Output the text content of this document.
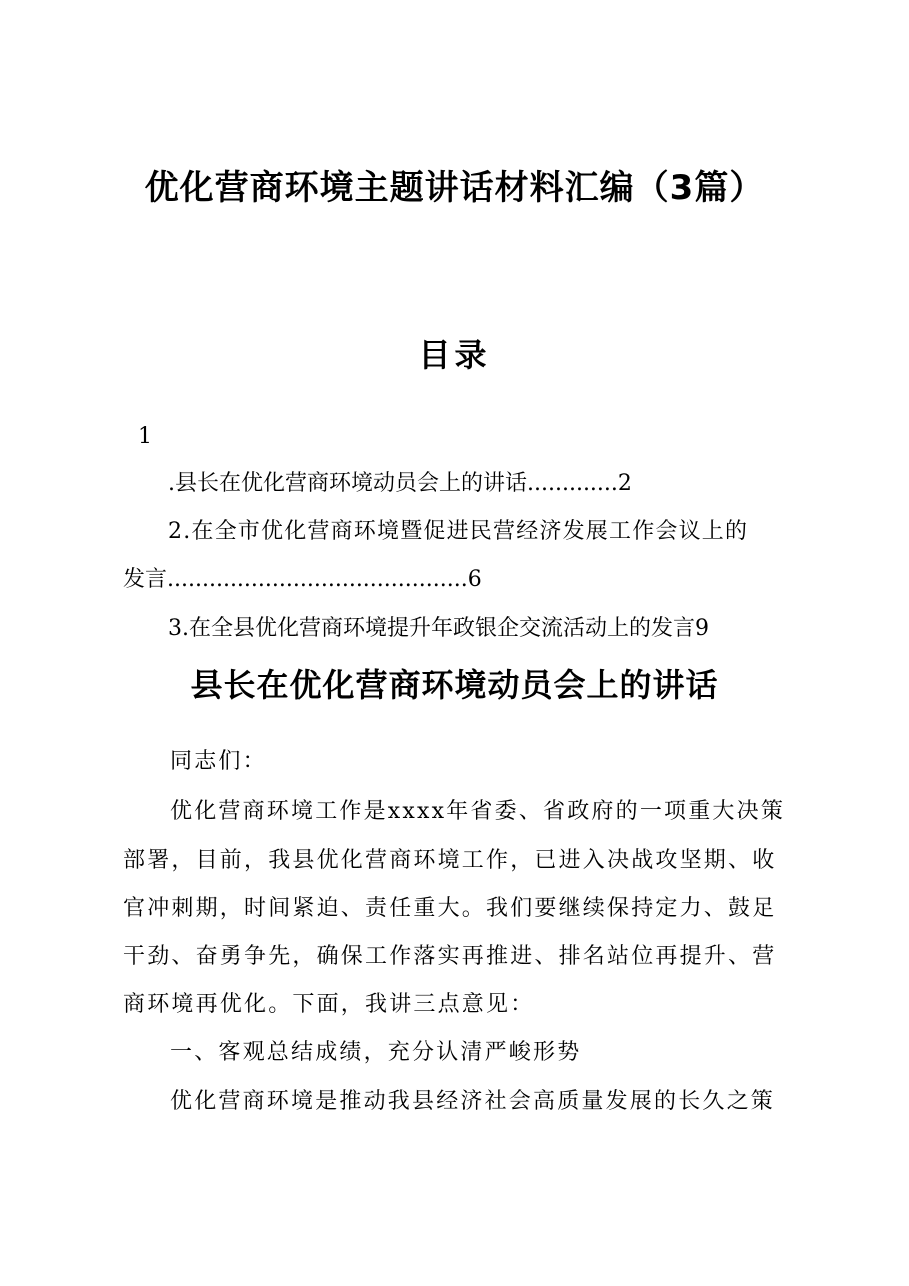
优化营商环境主题讲话材料汇编（3篇）
目录
1
.县长在优化营商环境动员会上的讲话.............2
2.在全市优化营商环境暨促进民营经济发展工作会议上的
发言...........................................6
3.在全县优化营商环境提升年政银企交流活动上的发言9
县长在优化营商环境动员会上的讲话
同志们：
优化营商环境工作是xxxx年省委、省政府的一项重大决策
部署，目前，我县优化营商环境工作，已进入决战攻坚期、收
官冲刺期，时间紧迫、责任重大。我们要继续保持定力、鼓足
干劲、奋勇争先，确保工作落实再推进、排名站位再提升、营
商环境再优化。下面，我讲三点意见：
一、客观总结成绩，充分认清严峻形势
优化营商环境是推动我县经济社会高质量发展的长久之策
